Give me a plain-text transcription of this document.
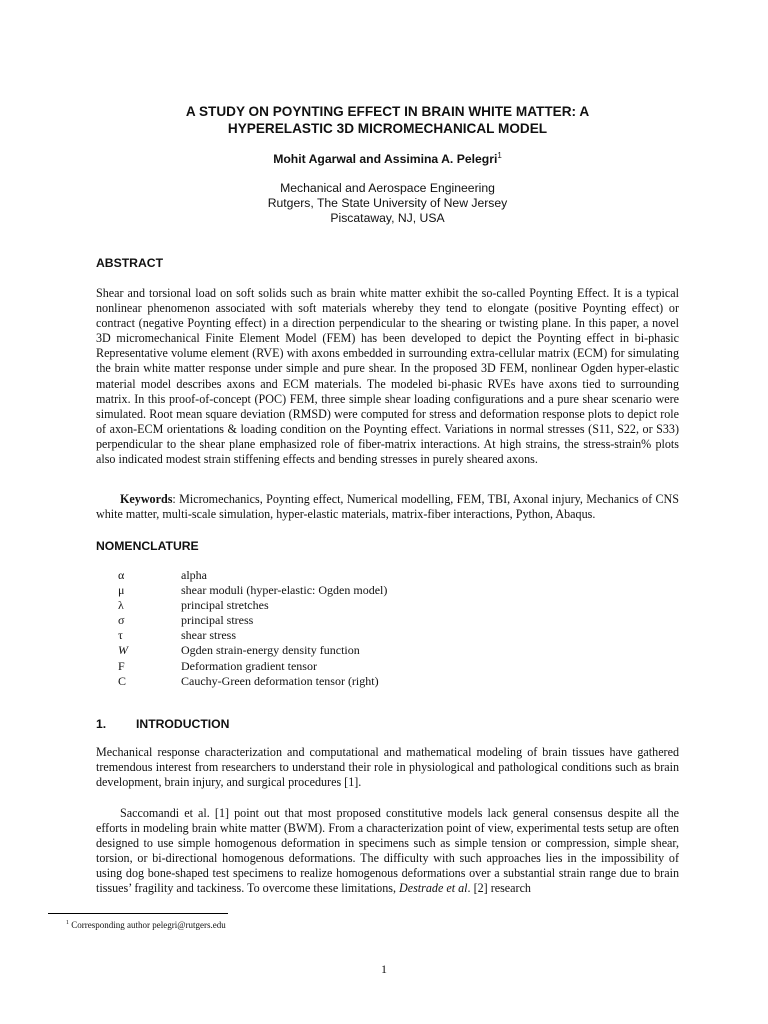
A STUDY ON POYNTING EFFECT IN BRAIN WHITE MATTER: A
HYPERELASTIC 3D MICROMECHANICAL MODEL
Mohit Agarwal and Assimina A. Pelegri$^1$
Mechanical and Aerospace Engineering
Rutgers, The State University of New Jersey
Piscataway, NJ, USA
ABSTRACT

Shear and torsional load on soft solids such as brain white matter exhibit the so-called Poynting Effect. It is a typical nonlinear phenomenon associated with soft materials whereby they tend to elongate (positive Poynting effect) or contract (negative Poynting effect) in a direction perpendicular to the shearing or twisting plane. In this paper, a novel 3D micromechanical Finite Element Model (FEM) has been developed to depict the Poynting effect in bi-phasic Representative volume element (RVE) with axons embedded in surrounding extra-cellular matrix (ECM) for simulating the brain white matter response under simple and pure shear. In the proposed 3D FEM, nonlinear Ogden hyper-elastic material model describes axons and ECM materials. The modeled bi-phasic RVEs have axons tied to surrounding matrix. In this proof-of-concept (POC) FEM, three simple shear loading configurations and a pure shear scenario were simulated. Root mean square deviation (RMSD) were computed for stress and deformation response plots to depict role of axon-ECM orientations & loading condition on the Poynting effect. Variations in normal stresses (S11, S22, or S33) perpendicular to the shear plane emphasized role of fiber-matrix interactions. At high strains, the stress-strain% plots also indicated modest strain stiffening effects and bending stresses in purely sheared axons.

Keywords: Micromechanics, Poynting effect, Numerical modelling, FEM, TBI, Axonal injury, Mechanics of CNS white matter, multi-scale simulation, hyper-elastic materials, matrix-fiber interactions, Python, Abaqus.

NOMENCLATURE
α	alpha
μ	shear moduli (hyper-elastic: Ogden model)
λ	principal stretches
σ	principal stress
τ	shear stress
W	Ogden strain-energy density function
F	Deformation gradient tensor
C	Cauchy-Green deformation tensor (right)
1. INTRODUCTION

Mechanical response characterization and computational and mathematical modeling of brain tissues have gathered tremendous interest from researchers to understand their role in physiological and pathological conditions such as brain development, brain injury, and surgical procedures [1].

Saccomandi et al. [1] point out that most proposed constitutive models lack general consensus despite all the efforts in modeling brain white matter (BWM). From a characterization point of view, experimental tests setup are often designed to use simple homogenous deformation in specimens such as simple tension or compression, simple shear, torsion, or bi-directional homogenous deformations. The difficulty with such approaches lies in the impossibility of using dog bone-shaped test specimens to realize homogenous deformations over a substantial strain range due to brain tissues’ fragility and tackiness. To overcome these limitations, Destrade et al. [2] research

$^1$ Corresponding author pelegri@rutgers.edu
1
